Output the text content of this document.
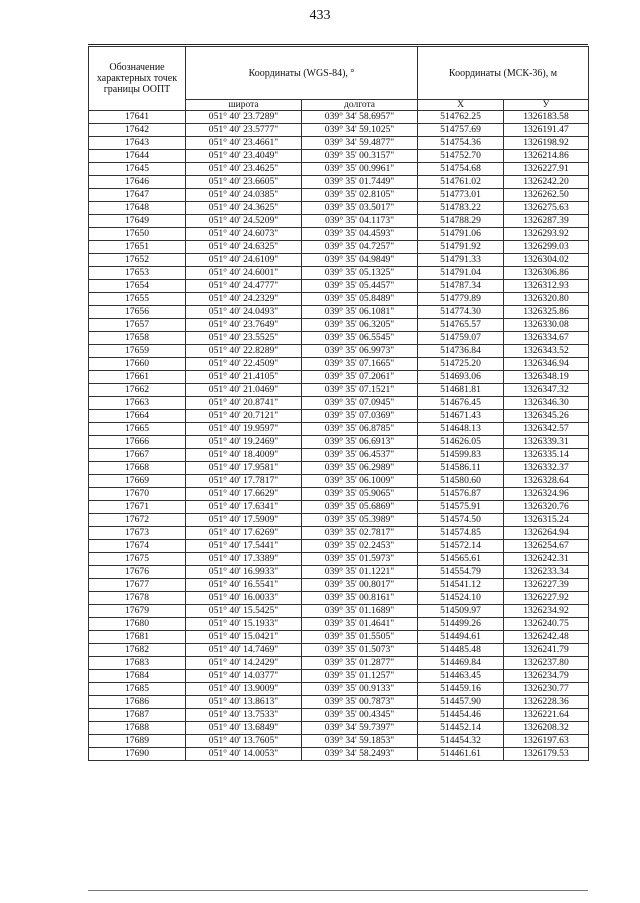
433
Обозначение характерных точек границы ООПТ	Координаты (WGS-84), °		Координаты (МСК-36), м	
	широта	долгота	X	У
17641	051° 40' 23.7289"	039° 34' 58.6957"	514762.25	1326183.58
17642	051° 40' 23.5777"	039° 34' 59.1025"	514757.69	1326191.47
17643	051° 40' 23.4661"	039° 34' 59.4877"	514754.36	1326198.92
17644	051° 40' 23.4049"	039° 35' 00.3157"	514752.70	1326214.86
17645	051° 40' 23.4625"	039° 35' 00.9961"	514754.68	1326227.91
17646	051° 40' 23.6605"	039° 35' 01.7449"	514761.02	1326242.20
17647	051° 40' 24.0385"	039° 35' 02.8105"	514773.01	1326262.50
17648	051° 40' 24.3625"	039° 35' 03.5017"	514783.22	1326275.63
17649	051° 40' 24.5209"	039° 35' 04.1173"	514788.29	1326287.39
17650	051° 40' 24.6073"	039° 35' 04.4593"	514791.06	1326293.92
17651	051° 40' 24.6325"	039° 35' 04.7257"	514791.92	1326299.03
17652	051° 40' 24.6109"	039° 35' 04.9849"	514791.33	1326304.02
17653	051° 40' 24.6001"	039° 35' 05.1325"	514791.04	1326306.86
17654	051° 40' 24.4777"	039° 35' 05.4457"	514787.34	1326312.93
17655	051° 40' 24.2329"	039° 35' 05.8489"	514779.89	1326320.80
17656	051° 40' 24.0493"	039° 35' 06.1081"	514774.30	1326325.86
17657	051° 40' 23.7649"	039° 35' 06.3205"	514765.57	1326330.08
17658	051° 40' 23.5525"	039° 35' 06.5545"	514759.07	1326334.67
17659	051° 40' 22.8289"	039° 35' 06.9973"	514736.84	1326343.52
17660	051° 40' 22.4509"	039° 35' 07.1665"	514725.20	1326346.94
17661	051° 40' 21.4105"	039° 35' 07.2061"	514693.06	1326348.19
17662	051° 40' 21.0469"	039° 35' 07.1521"	514681.81	1326347.32
17663	051° 40' 20.8741"	039° 35' 07.0945"	514676.45	1326346.30
17664	051° 40' 20.7121"	039° 35' 07.0369"	514671.43	1326345.26
17665	051° 40' 19.9597"	039° 35' 06.8785"	514648.13	1326342.57
17666	051° 40' 19.2469"	039° 35' 06.6913"	514626.05	1326339.31
17667	051° 40' 18.4009"	039° 35' 06.4537"	514599.83	1326335.14
17668	051° 40' 17.9581"	039° 35' 06.2989"	514586.11	1326332.37
17669	051° 40' 17.7817"	039° 35' 06.1009"	514580.60	1326328.64
17670	051° 40' 17.6629"	039° 35' 05.9065"	514576.87	1326324.96
17671	051° 40' 17.6341"	039° 35' 05.6869"	514575.91	1326320.76
17672	051° 40' 17.5909"	039° 35' 05.3989"	514574.50	1326315.24
17673	051° 40' 17.6269"	039° 35' 02.7817"	514574.85	1326264.94
17674	051° 40' 17.5441"	039° 35' 02.2453"	514572.14	1326254.67
17675	051° 40' 17.3389"	039° 35' 01.5973"	514565.61	1326242.31
17676	051° 40' 16.9933"	039° 35' 01.1221"	514554.79	1326233.34
17677	051° 40' 16.5541"	039° 35' 00.8017"	514541.12	1326227.39
17678	051° 40' 16.0033"	039° 35' 00.8161"	514524.10	1326227.92
17679	051° 40' 15.5425"	039° 35' 01.1689"	514509.97	1326234.92
17680	051° 40' 15.1933"	039° 35' 01.4641"	514499.26	1326240.75
17681	051° 40' 15.0421"	039° 35' 01.5505"	514494.61	1326242.48
17682	051° 40' 14.7469"	039° 35' 01.5073"	514485.48	1326241.79
17683	051° 40' 14.2429"	039° 35' 01.2877"	514469.84	1326237.80
17684	051° 40' 14.0377"	039° 35' 01.1257"	514463.45	1326234.79
17685	051° 40' 13.9009"	039° 35' 00.9133"	514459.16	1326230.77
17686	051° 40' 13.8613"	039° 35' 00.7873"	514457.90	1326228.36
17687	051° 40' 13.7533"	039° 35' 00.4345"	514454.46	1326221.64
17688	051° 40' 13.6849"	039° 34' 59.7397"	514452.14	1326208.32
17689	051° 40' 13.7605"	039° 34' 59.1853"	514454.32	1326197.63
17690	051° 40' 14.0053"	039° 34' 58.2493"	514461.61	1326179.53
